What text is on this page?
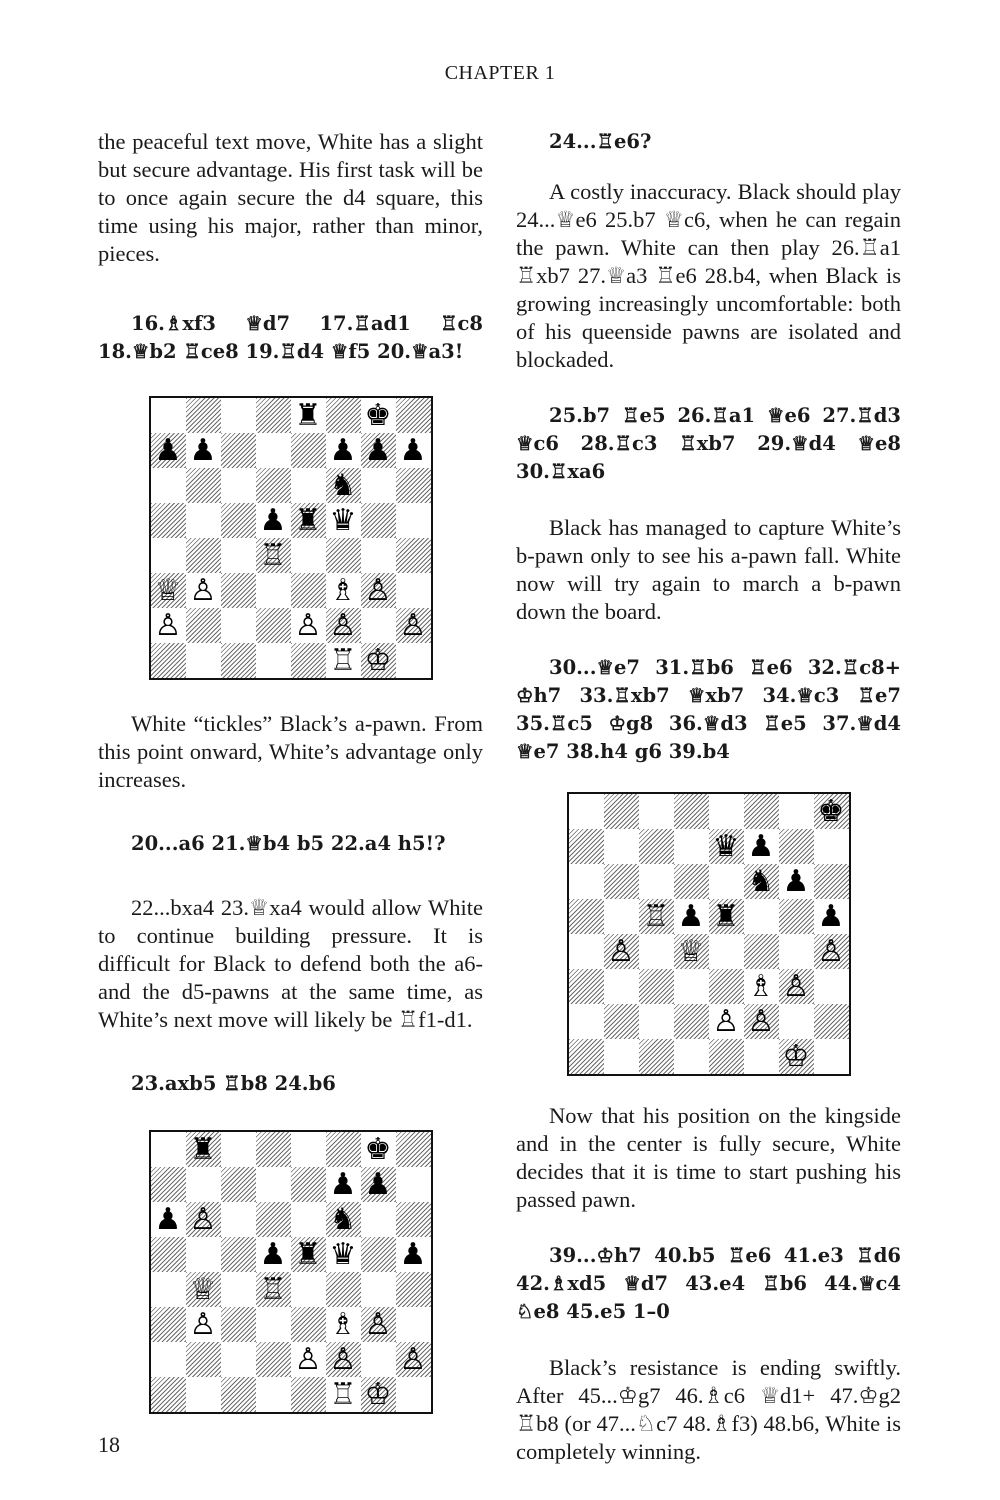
CHAPTER 1

the peaceful text move, White has a slight but secure advantage. His first task will be to once again secure the d4 square, this time using his major, rather than minor, pieces.

16.♗xf3 ♕d7 17.♖ad1 ♖c8 18.♕b2 ♖ce8 19.♖d4 ♕f5 20.♕a3!

♜ ♚
♟ ♟	♟ ♟ ♟
♞
♟ ♜ ♛
♖
♕ ♙	♗ ♙
♙	♙ ♙ ♙
♖ ♔

White “tickles” Black’s a-pawn. From this point onward, White’s advantage only increases.

20...a6 21.♕b4 b5 22.a4 h5!?

22...bxa4 23.♕xa4 would allow White to continue building pressure. It is difficult for Black to defend both the a6- and the d5-pawns at the same time, as White’s next move will likely be ♖f1-d1.

23.axb5 ♖b8 24.b6

♜	♚
♟ ♟
♟ ♙	♞
♟ ♜ ♛ ♟
♕ ♖
♙	♗ ♙
♙ ♙ ♙
♖ ♔

24...♖e6?

A costly inaccuracy. Black should play 24...♕e6 25.b7 ♕c6, when he can regain the pawn. White can then play 26.♖a1 ♖xb7 27.♕a3 ♖e6 28.b4, when Black is growing increasingly uncomfortable: both of his queenside pawns are isolated and blockaded.

25.b7 ♖e5 26.♖a1 ♕e6 27.♖d3 ♕c6 28.♖c3 ♖xb7 29.♕d4 ♕e8 30.♖xa6

Black has managed to capture White’s b-pawn only to see his a-pawn fall. White now will try again to march a b-pawn down the board.

30...♕e7 31.♖b6 ♖e6 32.♖c8+ ♔h7 33.♖xb7 ♕xb7 34.♕c3 ♖e7 35.♖c5 ♔g8 36.♕d3 ♖e5 37.♕d4 ♕e7 38.h4 g6 39.b4

♚
♛ ♟
♞ ♟
♖ ♟ ♜	♟
♙ ♕	♙
♗ ♙
♙ ♙
♔

Now that his position on the kingside and in the center is fully secure, White decides that it is time to start pushing his passed pawn.

39...♔h7 40.b5 ♖e6 41.e3 ♖d6 42.♗xd5 ♕d7 43.e4 ♖b6 44.♕c4 ♘e8 45.e5 1–0

Black’s resistance is ending swiftly. After 45...♔g7 46.♗c6 ♕d1+ 47.♔g2 ♖b8 (or 47...♘c7 48.♗f3) 48.b6, White is completely winning.

18
